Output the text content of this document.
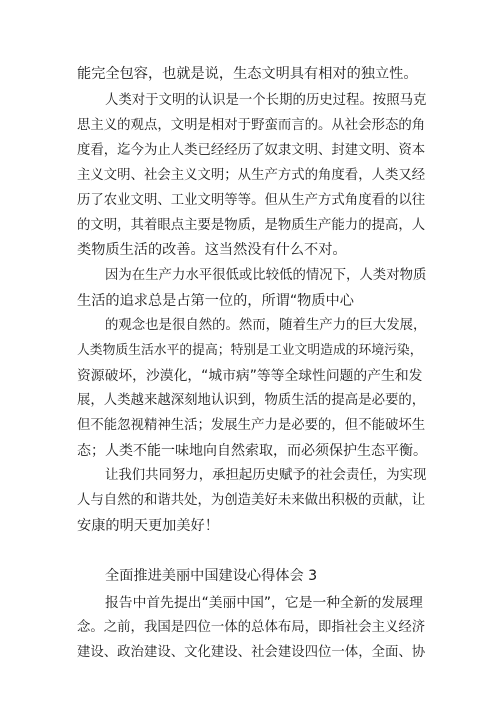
能完全包容，也就是说，生态文明具有相对的独立性。
人类对于文明的认识是一个长期的历史过程。按照马克
思主义的观点，文明是相对于野蛮而言的。从社会形态的角
度看，迄今为止人类已经经历了奴隶文明、封建文明、资本
主义文明、社会主义文明；从生产方式的角度看，人类又经
历了农业文明、工业文明等等。但从生产方式角度看的以往
的文明，其着眼点主要是物质，是物质生产能力的提高，人
类物质生活的改善。这当然没有什么不对。
因为在生产力水平很低或比较低的情况下，人类对物质
生活的追求总是占第一位的，所谓“物质中心
的观念也是很自然的。然而，随着生产力的巨大发展，
人类物质生活水平的提高；特别是工业文明造成的环境污染，
资源破坏，沙漠化，“城市病”等等全球性问题的产生和发
展，人类越来越深刻地认识到，物质生活的提高是必要的，
但不能忽视精神生活；发展生产力是必要的，但不能破坏生
态；人类不能一味地向自然索取，而必须保护生态平衡。
让我们共同努力，承担起历史赋予的社会责任，为实现
人与自然的和谐共处，为创造美好未来做出积极的贡献，让
安康的明天更加美好！
全面推进美丽中国建设心得体会 3
报告中首先提出“美丽中国”，它是一种全新的发展理
念。之前，我国是四位一体的总体布局，即指社会主义经济
建设、政治建设、文化建设、社会建设四位一体，全面、协
